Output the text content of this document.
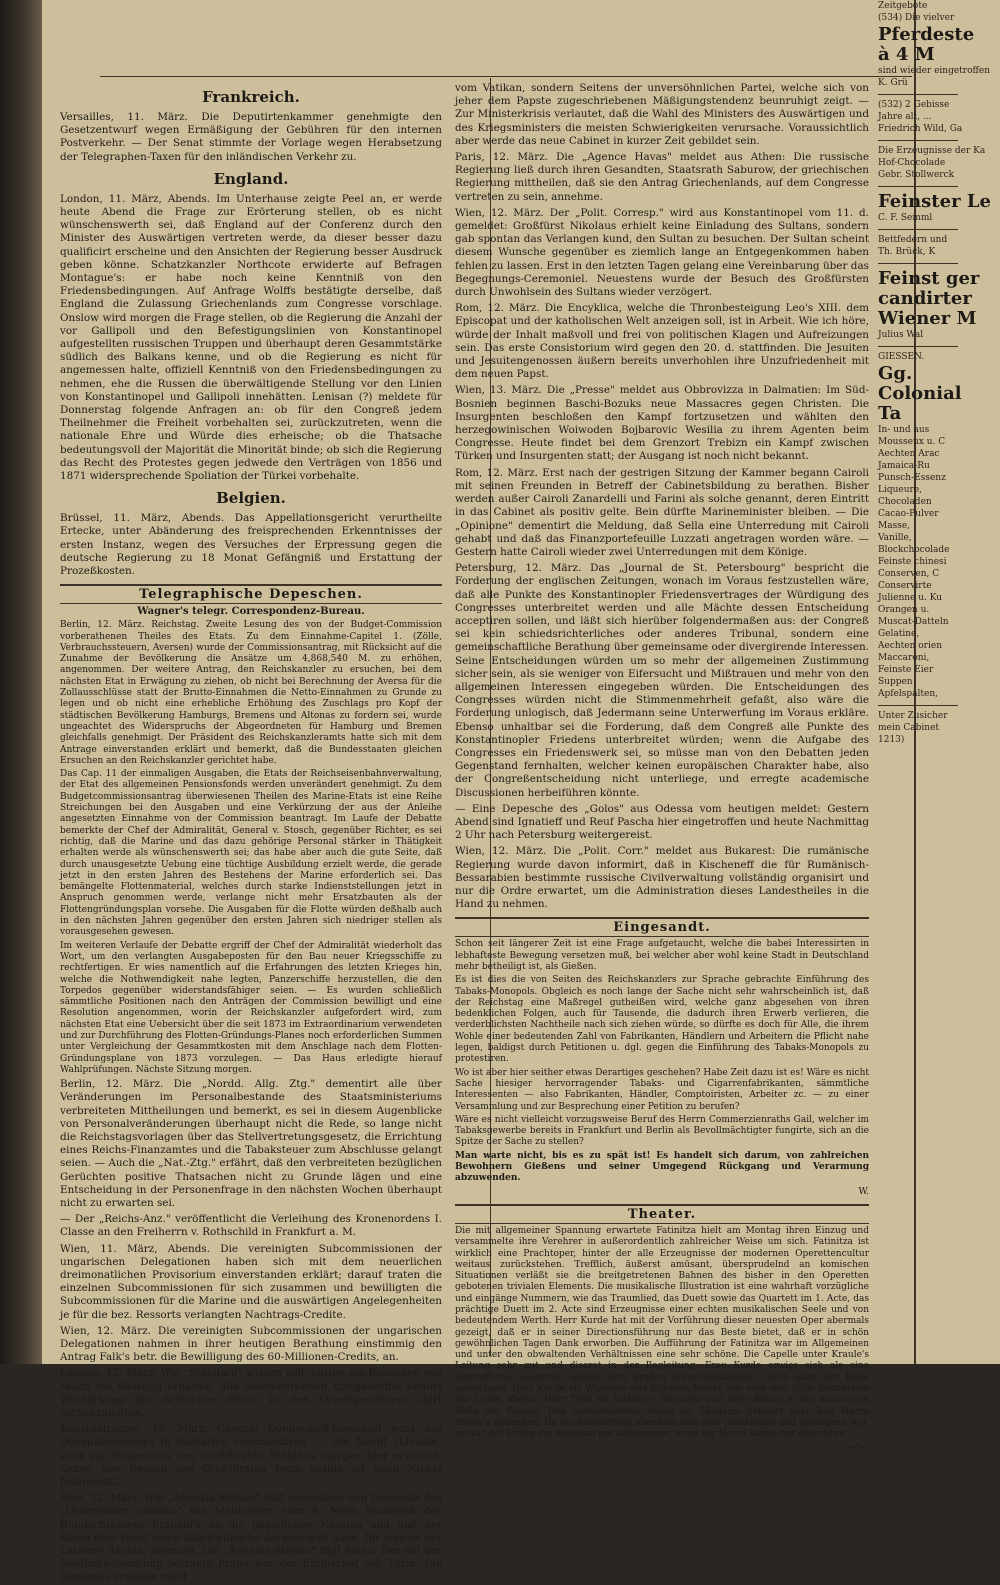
Frankreich.

Versailles, 11. März. Die Deputirtenkammer genehmigte den Gesetzentwurf wegen Ermäßigung der Gebühren für den internen Postverkehr. — Der Senat stimmte der Vorlage wegen Herabsetzung der Telegraphen-Taxen für den inländischen Verkehr zu.

England.

London, 11. März, Abends. Im Unterhause zeigte Peel an, er werde heute Abend die Frage zur Erörterung stellen, ob es nicht wünschenswerth sei, daß England auf der Conferenz durch den Minister des Auswärtigen vertreten werde, da dieser besser dazu qualificirt erscheine und den Ansichten der Regierung besser Ausdruck geben könne. Schatzkanzler Northcote erwiderte auf Befragen Montague's: er habe noch keine Kenntniß von den Friedensbedingungen. Auf Anfrage Wolffs bestätigte derselbe, daß England die Zulassung Griechenlands zum Congresse vorschlage. Onslow wird morgen die Frage stellen, ob die Regierung die Anzahl der vor Gallipoli und den Befestigungslinien von Konstantinopel aufgestellten russischen Truppen und überhaupt deren Gesammtstärke südlich des Balkans kenne, und ob die Regierung es nicht für angemessen halte, offiziell Kenntniß von den Friedensbedingungen zu nehmen, ehe die Russen die überwältigende Stellung vor den Linien von Konstantinopel und Gallipoli innehätten. Lenisan (?) meldete für Donnerstag folgende Anfragen an: ob für den Congreß jedem Theilnehmer die Freiheit vorbehalten sei, zurückzutreten, wenn die nationale Ehre und Würde dies erheische; ob die Thatsache bedeutungsvoll der Majorität die Minorität binde; ob sich die Regierung das Recht des Protestes gegen jedwede den Verträgen von 1856 und 1871 widersprechende Spoliation der Türkei vorbehalte.

Belgien.

Brüssel, 11. März, Abends. Das Appellationsgericht verurtheilte Ertecke, unter Abänderung des freisprechenden Erkenntnisses der ersten Instanz, wegen des Versuches der Erpressung gegen die deutsche Regierung zu 18 Monat Gefängniß und Erstattung der Prozeßkosten.

Telegraphische Depeschen.
Wagner's telegr. Correspondenz-Bureau.

Berlin, 12. März. Reichstag. Zweite Lesung des von der Budget-Commission vorberathenen Theiles des Etats. Zu dem Einnahme-Capitel 1. (Zölle, Verbrauchssteuern, Aversen) wurde der Commissionsantrag, mit Rücksicht auf die Zunahme der Bevölkerung die Ansätze um 4,868,540 M. zu erhöhen, angenommen. Der weitere Antrag, den Reichskanzler zu ersuchen, bei dem nächsten Etat in Erwägung zu ziehen, ob nicht bei Berechnung der Aversa für die Zollausschlüsse statt der Brutto-Einnahmen die Netto-Einnahmen zu Grunde zu legen und ob nicht eine erhebliche Erhöhung des Zuschlags pro Kopf der städtischen Bevölkerung Hamburgs, Bremens und Altonas zu fordern sei, wurde ungeachtet des Widerspruchs der Abgeordneten für Hamburg und Bremen gleichfalls genehmigt. Der Präsident des Reichskanzleramts hatte sich mit dem Antrage einverstanden erklärt und bemerkt, daß die Bundesstaaten gleichen Ersuchen an den Reichskanzler gerichtet habe.

Das Cap. 11 der einmaligen Ausgaben, die Etats der Reichseisenbahnverwaltung, der Etat des allgemeinen Pensionsfonds werden unverändert genehmigt. Zu dem Budgetcommissionsantrag überwiesenen Theilen des Marine-Etats ist eine Reihe Streichungen bei den Ausgaben und eine Verkürzung der aus der Anleihe angesetzten Einnahme von der Commission beantragt. Im Laufe der Debatte bemerkte der Chef der Admiralität, General v. Stosch, gegenüber Richter, es sei richtig, daß die Marine und das dazu gehörige Personal stärker in Thätigkeit erhalten werde als wünschenswerth sei; das habe aber auch die gute Seite, daß durch unausgesetzte Uebung eine tüchtige Ausbildung erzielt werde, die gerade jetzt in den ersten Jahren des Bestehens der Marine erforderlich sei. Das bemängelte Flottenmaterial, welches durch starke Indienststellungen jetzt in Anspruch genommen werde, verlange nicht mehr Ersatzbauten als der Flottengründungsplan vorsehe. Die Ausgaben für die Flotte würden deßhalb auch in den nächsten Jahren gegenüber den ersten Jahren sich niedriger stellen als vorausgesehen gewesen.

Im weiteren Verlaufe der Debatte ergriff der Chef der Admiralität wiederholt das Wort, um den verlangten Ausgabeposten für den Bau neuer Kriegsschiffe zu rechtfertigen. Er wies namentlich auf die Erfahrungen des letzten Krieges hin, welche die Nothwendigkeit nahe legten, Panzerschiffe herzustellen, die den Torpedos gegenüber widerstandsfähiger seien. — Es wurden schließlich sämmtliche Positionen nach den Anträgen der Commission bewilligt und eine Resolution angenommen, worin der Reichskanzler aufgefordert wird, zum nächsten Etat eine Uebersicht über die seit 1873 im Extraordinarium verwendeten und zur Durchführung des Flotten-Gründungs-Planes noch erforderlichen Summen unter Vergleichung der Gesammtkosten mit dem Anschlage nach dem Flotten-Gründungsplane von 1873 vorzulegen. — Das Haus erledigte hierauf Wahlprüfungen. Nächste Sitzung morgen.

Berlin, 12. März. Die „Nordd. Allg. Ztg." dementirt alle über Veränderungen im Personalbestande des Staatsministeriums verbreiteten Mittheilungen und bemerkt, es sei in diesem Augenblicke von Personalveränderungen überhaupt nicht die Rede, so lange nicht die Reichstagsvorlagen über das Stellvertretungsgesetz, die Errichtung eines Reichs-Finanzamtes und die Tabaksteuer zum Abschlusse gelangt seien. — Auch die „Nat.-Ztg." erfährt, daß den verbreiteten bezüglichen Gerüchten positive Thatsachen nicht zu Grunde lägen und eine Entscheidung in der Personenfrage in den nächsten Wochen überhaupt nicht zu erwarten sei.

— Der „Reichs-Anz." veröffentlicht die Verleihung des Kronenordens I. Classe an den Freiherrn v. Rothschild in Frankfurt a. M.

Wien, 11. März, Abends. Die vereinigten Subcommissionen der ungarischen Delegationen haben sich mit dem neuerlichen dreimonatlichen Provisorium einverstanden erklärt; darauf traten die einzelnen Subcommissionen für sich zusammen und bewilligten die Subcommissionen für die Marine und die auswärtigen Angelegenheiten je für die bez. Ressorts verlangten Nachtrags-Credite.

Wien, 12. März. Die vereinigten Subcommissionen der ungarischen Delegationen nahmen in ihrer heutigen Berathung einstimmig den Antrag Falk's betr. die Bewilligung des 60-Millionen-Credits, an.

London, 12. März. Wie „Standard" wissen will, hätten die Behörden von Malta die Weisung erhalten, alle heimkehrenden Kriegsschiffe behufs Verstärkung der britischen Flotte in den Orientgewässern dort zurückzuhalten.

Konstantinopel, 12. März. General Dondoukoff-Korsakoff wird das Occupationscorps in Bulgarien commandiren. — Die Nacht „Livadia" wird zur Disposition des Großfürsten Nikolaus morgen hier erwartet. Ueber den Besuch des Großfürsten beim Sultan ist noch Nichts festgesetzt.

Rom, 12. März. Wie „Agenzia Stefani" hält gegenüber den Dementis des „Osservatore romano" die Meldungen vom 8. März bezüglich des Rundschreibens Franchi's an die päpstlichen Nuntien und daß der König dem Papst seine Glückwünsche dargebracht habe, für welche der Letztere dankte, aufrecht. Die „Agenzia Stefani" fügt hinzu: Der mit der Beglückwünschung betraute Prälat war der Erzbischof von Turin. Die Dementis erfolgen nicht

vom Vatikan, sondern Seitens der unversöhnlichen Partei, welche sich von jeher dem Papste zugeschriebenen Mäßigungstendenz beunruhigt zeigt. — Zur Ministerkrisis verlautet, daß die Wahl des Ministers des Auswärtigen und des Kriegsministers die meisten Schwierigkeiten verursache. Voraussichtlich aber werde das neue Cabinet in kurzer Zeit gebildet sein.

Paris, 12. März. Die „Agence Havas" meldet aus Athen: Die russische Regierung ließ durch ihren Gesandten, Staatsrath Saburow, der griechischen Regierung mittheilen, daß sie den Antrag Griechenlands, auf dem Congresse vertreten zu sein, annehme.

Wien, 12. März. Der „Polit. Corresp." wird aus Konstantinopel vom 11. d. gemeldet: Großfürst Nikolaus erhielt keine Einladung des Sultans, sondern gab spontan das Verlangen kund, den Sultan zu besuchen. Der Sultan scheint diesem Wunsche gegenüber es ziemlich lange an Entgegenkommen haben fehlen zu lassen. Erst in den letzten Tagen gelang eine Vereinbarung über das Begegnungs-Ceremoniel. Neuestens wurde der Besuch des Großfürsten durch Unwohlsein des Sultans wieder verzögert.

Rom, 12. März. Die Encyklica, welche die Thronbesteigung Leo's XIII. dem Episcopat und der katholischen Welt anzeigen soll, ist in Arbeit. Wie ich höre, würde der Inhalt maßvoll und frei von politischen Klagen und Aufreizungen sein. Das erste Consistorium wird gegen den 20. d. stattfinden. Die Jesuiten und Jesuitengenossen äußern bereits unverhohlen ihre Unzufriedenheit mit dem neuen Papst.

Wien, 13. März. Die „Presse" meldet aus Obbrovizza in Dalmatien: Im Süd-Bosnien beginnen Baschi-Bozuks neue Massacres gegen Christen. Die Insurgenten beschloßen den Kampf fortzusetzen und wählten den herzegowinischen Woiwoden Bojbarovic Wesilia zu ihrem Agenten beim Congresse. Heute findet bei dem Grenzort Trebizn ein Kampf zwischen Türken und Insurgenten statt; der Ausgang ist noch nicht bekannt.

Rom, 12. März. Erst nach der gestrigen Sitzung der Kammer begann Cairoli mit seinen Freunden in Betreff der Cabinetsbildung zu berathen. Bisher werden außer Cairoli Zanardelli und Farini als solche genannt, deren Eintritt in das Cabinet als positiv gelte. Bein dürfte Marineminister bleiben. — Die „Opinione" dementirt die Meldung, daß Sella eine Unterredung mit Cairoli gehabt und daß das Finanzportefeuille Luzzati angetragen worden wäre. — Gestern hatte Cairoli wieder zwei Unterredungen mit dem Könige.

Petersburg, 12. März. Das „Journal de St. Petersbourg" bespricht die Forderung der englischen Zeitungen, wonach im Voraus festzustellen wäre, daß alle Punkte des Konstantinopler Friedensvertrages der Würdigung des Congresses unterbreitet werden und alle Mächte dessen Entscheidung acceptiren sollen, und läßt sich hierüber folgendermaßen aus: der Congreß sei kein schiedsrichterliches oder anderes Tribunal, sondern eine gemeinschaftliche Berathung über gemeinsame oder divergirende Interessen. Seine Entscheidungen würden um so mehr der allgemeinen Zustimmung sicher sein, als sie weniger von Eifersucht und Mißtrauen und mehr von den allgemeinen Interessen eingegeben würden. Die Entscheidungen des Congresses würden nicht die Stimmenmehrheit gefaßt, also wäre die Forderung unlogisch, daß Jedermann seine Unterwerfung im Voraus erkläre. Ebenso unhaltbar sei die Forderung, daß dem Congreß alle Punkte des Konstantinopler Friedens unterbreitet würden; wenn die Aufgabe des Congresses ein Friedenswerk sei, so müsse man von den Debatten jeden Gegenstand fernhalten, welcher keinen europäischen Charakter habe, also der Congreßentscheidung nicht unterliege, und erregte academische Discussionen herbeiführen könnte.

— Eine Depesche des „Golos" aus Odessa vom heutigen meldet: Gestern Abend sind Ignatieff und Reuf Pascha hier eingetroffen und heute Nachmittag 2 Uhr nach Petersburg weitergereist.

Wien, 12. März. Die „Polit. Corr." meldet aus Bukarest: Die rumänische Regierung wurde davon informirt, daß in Kischeneff die für Rumänisch-Bessarabien bestimmte russische Civilverwaltung vollständig organisirt und nur die Ordre erwartet, um die Administration dieses Landestheiles in die Hand zu nehmen.

Eingesandt.

Schon seit längerer Zeit ist eine Frage aufgetaucht, welche die babei Interessirten in lebhafteste Bewegung versetzen muß, bei welcher aber wohl keine Stadt in Deutschland mehr betheiligt ist, als Gießen.

Es ist dies die von Seiten des Reichskanzlers zur Sprache gebrachte Einführung des Tabaks-Monopols. Obgleich es noch lange der Sache nicht sehr wahrscheinlich ist, daß der Reichstag eine Maßregel gutheißen wird, welche ganz abgesehen von ihren bedenklichen Folgen, auch für Tausende, die dadurch ihren Erwerb verlieren, die verderblichsten Nachtheile nach sich ziehen würde, so dürfte es doch für Alle, die ihrem Wohle einer bedeutenden Zahl von Fabrikanten, Händlern und Arbeitern die Pflicht nahe legen, baldigst durch Petitionen u. dgl. gegen die Einführung des Tabaks-Monopols zu protestiren.

Wo ist aber hier seither etwas Derartiges geschehen? Habe Zeit dazu ist es! Wäre es nicht Sache hiesiger hervorragender Tabaks- und Cigarrenfabrikanten, sämmtliche Interessenten — also Fabrikanten, Händler, Comptoiristen, Arbeiter zc. — zu einer Versammlung und zur Besprechung einer Petition zu berufen?

Wäre es nicht vielleicht vorzugsweise Beruf des Herrn Commerzienraths Gail, welcher im Tabaksgewerbe bereits in Frankfurt und Berlin als Bevollmächtigter fungirte, sich an die Spitze der Sache zu stellen?

Man warte nicht, bis es zu spät ist! Es handelt sich darum, von zahlreichen Bewohnern Gießens und seiner Umgegend Rückgang und Verarmung abzuwenden.

W.

Theater.

Die mit allgemeiner Spannung erwartete Fatinitza hielt am Montag ihren Einzug und versammelte ihre Verehrer in außerordentlich zahlreicher Weise um sich. Fatinitza ist wirklich eine Prachtoper, hinter der alle Erzeugnisse der modernen Operettencultur weitaus zurückstehen. Trefflich, äußerst amüsant, übersprudelnd an komischen Situationen verläßt sie die breitgetretenen Bahnen des bisher in den Operetten gebotenen trivialen Elements. Die musikalische Illustration ist eine wahrhaft vorzügliche und eingänge Nummern, wie das Traumlied, das Duett sowie das Quartett im 1. Acte, das prächtige Duett im 2. Acte sind Erzeugnisse einer echten musikalischen Seele und von bedeutendem Werth. Herr Kurde hat mit der Vorführung dieser neuesten Oper abermals gezeigt, daß er in seiner Directionsführung nur das Beste bietet, daß er in schön gewöhnlichen Tagen Dank erworben. Die Aufführung der Fatinitza war im Allgemeinen und unter den obwaltenden Verhältnissen eine sehr schöne. Die Capelle unter Kraule's Leitung sehr gut und discret in der Begleitung. Frau Kurde erwies sich als eine vortreffliche Sängerin, welche ihre großen Wirkungsfähigkeit, auch ganz der Rolle gewachsen. Herr Kurde als Wladimir und Fräulein Weber war eine sehr liebe Vertreterin der Lydia, ebenso Herr Telle als tüchtiger Reporter und Herr Beinel in der komischen Rolle des Pascha. Den bedeutendsten Anteil als Sängerin gebührt aber hier Herrn Bömly's gedenken. Da die Ausstattung ebenfalls eine sehr anständige und gelungene war, so war der Erfolg der Fatinitza ein allgemeiner, wozu wir Herrn Kurde nur gratuliren.

—?—

Zeitgebote
(534) Die vielver
Pferdeste
à 4 M
sind wieder eingetroffen
K. Grü
(532) 2 Gebisse
Jahre alt, ...
Friedrich Wild, Ga
Die Erzeugnisse der Ka
Hof-Chocolade
Gebr. Stollwerck
Feinster Le
C. F. Semml
Bettfedern und
Th. Brück, K
Feinst ger
candirter
Wiener M
Julius Wal
GIESSEN.
Gg.
Colonial
Ta
In- und aus
Mousseux u. C
Aechten Arac
Jamaica-Ru
Punsch-Essenz
Liqueure,
Chocoladen
Cacao-Pulver
Masse,
Vanille,
Blockchocolade
Feinste chinesi
Conserven, C
Conservirte
Julienne u. Ku
Orangen u.
Muscat-Datteln
Gelatine,
Aechten orien
Maccaroni,
Feinste Eier
Suppen
Apfelspalten,
Unter Zusicher
mein Cabinet
1213)
